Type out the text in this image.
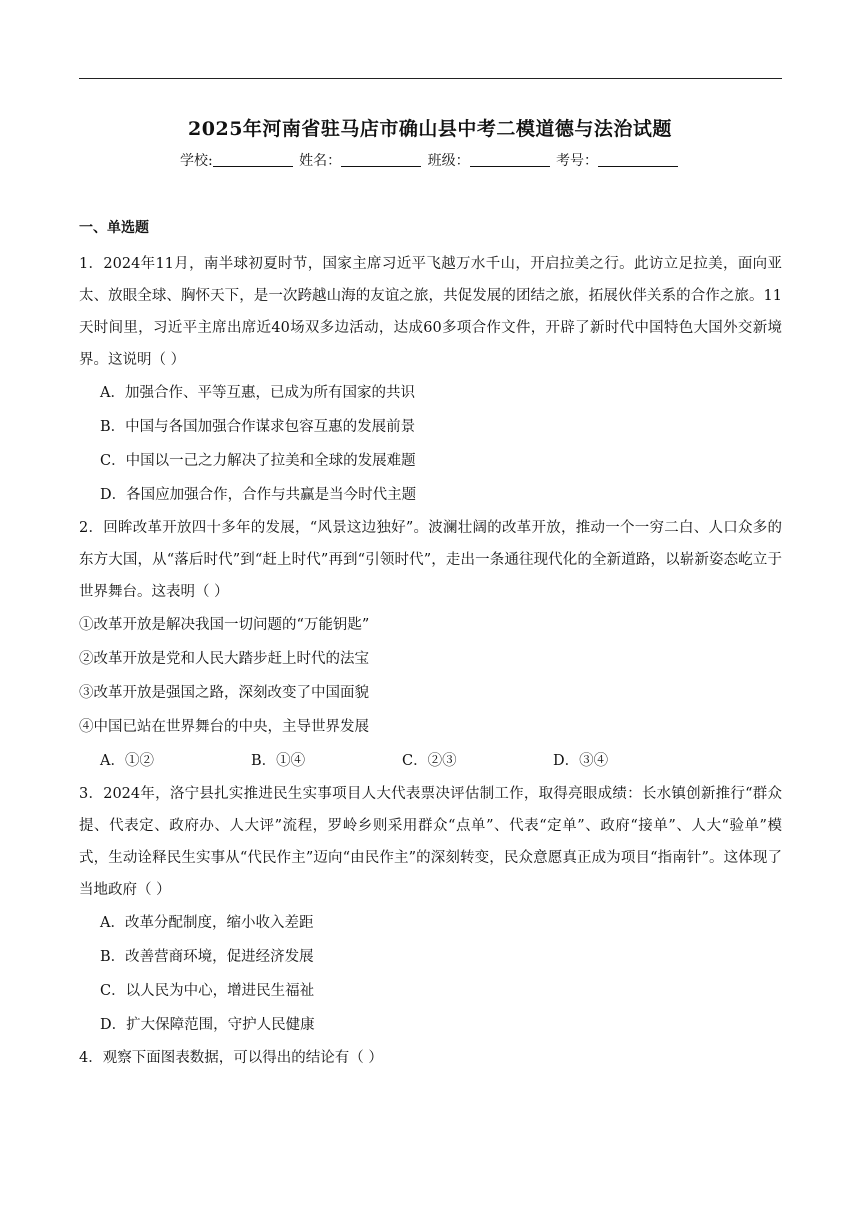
2025年河南省驻马店市确山县中考二模道德与法治试题
学校:	姓名：	班级：	考号：
一、单选题

1．2024年11月，南半球初夏时节，国家主席习近平飞越万水千山，开启拉美之行。此访立足拉美，面向亚太、放眼全球、胸怀天下，是一次跨越山海的友谊之旅，共促发展的团结之旅，拓展伙伴关系的合作之旅。11天时间里，习近平主席出席近40场双多边活动，达成60多项合作文件，开辟了新时代中国特色大国外交新境界。这说明（ ）

A．加强合作、平等互惠，已成为所有国家的共识

B．中国与各国加强合作谋求包容互惠的发展前景

C．中国以一己之力解决了拉美和全球的发展难题

D．各国应加强合作，合作与共赢是当今时代主题

2．回眸改革开放四十多年的发展，“风景这边独好”。波澜壮阔的改革开放，推动一个一穷二白、人口众多的东方大国，从“落后时代”到“赶上时代”再到“引领时代”，走出一条通往现代化的全新道路，以崭新姿态屹立于世界舞台。这表明（ ）

①改革开放是解决我国一切问题的“万能钥匙”

②改革开放是党和人民大踏步赶上时代的法宝

③改革开放是强国之路，深刻改变了中国面貌

④中国已站在世界舞台的中央，主导世界发展

A．①②	B．①④	C．②③	D．③④

3．2024年，洛宁县扎实推进民生实事项目人大代表票决评估制工作，取得亮眼成绩：长水镇创新推行“群众提、代表定、政府办、人大评”流程，罗岭乡则采用群众“点单”、代表“定单”、政府“接单”、人大“验单”模式，生动诠释民生实事从“代民作主”迈向“由民作主”的深刻转变，民众意愿真正成为项目“指南针”。这体现了当地政府（ ）

A．改革分配制度，缩小收入差距

B．改善营商环境，促进经济发展

C．以人民为中心，增进民生福祉

D．扩大保障范围，守护人民健康

4．观察下面图表数据，可以得出的结论有（ ）
